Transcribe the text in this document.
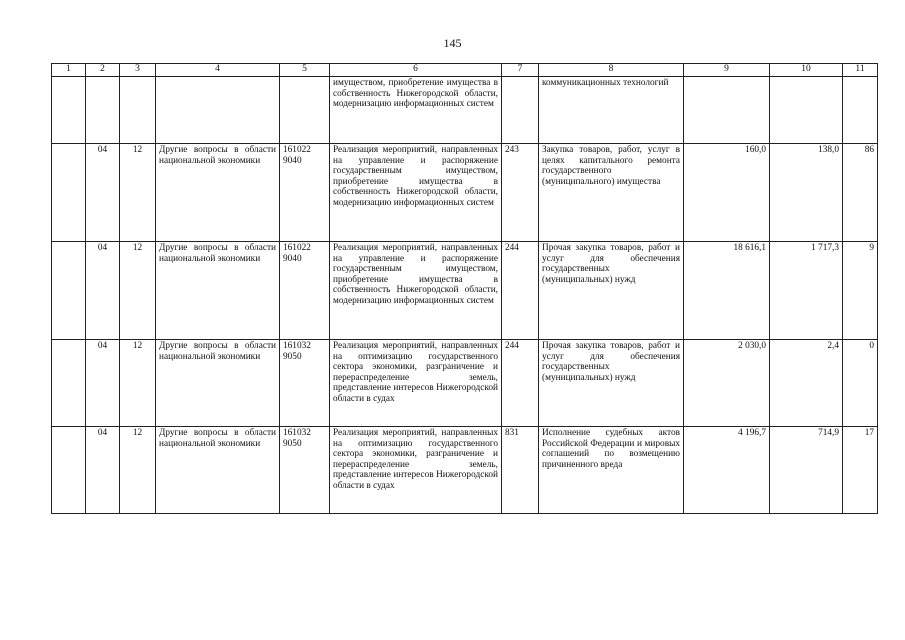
145
1	2	3	4	5	6	7	8	9	10	11
					имуществом, приобретение имущества в собственность Нижегородской области, модернизацию информационных систем		коммуникационных технологий			
	04	12	Другие вопросы в области национальной экономики	161022 9040	Реализация мероприятий, направленных на управление и распоряжение государственным имуществом, приобретение имущества в собственность Нижегородской области, модернизацию информационных систем	243	Закупка товаров, работ, услуг в целях капитального ремонта государственного (муниципального) имущества	160,0	138,0	86
	04	12	Другие вопросы в области национальной экономики	161022 9040	Реализация мероприятий, направленных на управление и распоряжение государственным имуществом, приобретение имущества в собственность Нижегородской области, модернизацию информационных систем	244	Прочая закупка товаров, работ и услуг для обеспечения государственных (муниципальных) нужд	18 616,1	1 717,3	9
	04	12	Другие вопросы в области национальной экономики	161032 9050	Реализация мероприятий, направленных на оптимизацию государственного сектора экономики, разграничение и перераспределение земель, представление интересов Нижегородской области в судах	244	Прочая закупка товаров, работ и услуг для обеспечения государственных (муниципальных) нужд	2 030,0	2,4	0
	04	12	Другие вопросы в области национальной экономики	161032 9050	Реализация мероприятий, направленных на оптимизацию государственного сектора экономики, разграничение и перераспределение земель, представление интересов Нижегородской области в судах	831	Исполнение судебных актов Российской Федерации и мировых соглашений по возмещению причиненного вреда	4 196,7	714,9	17
